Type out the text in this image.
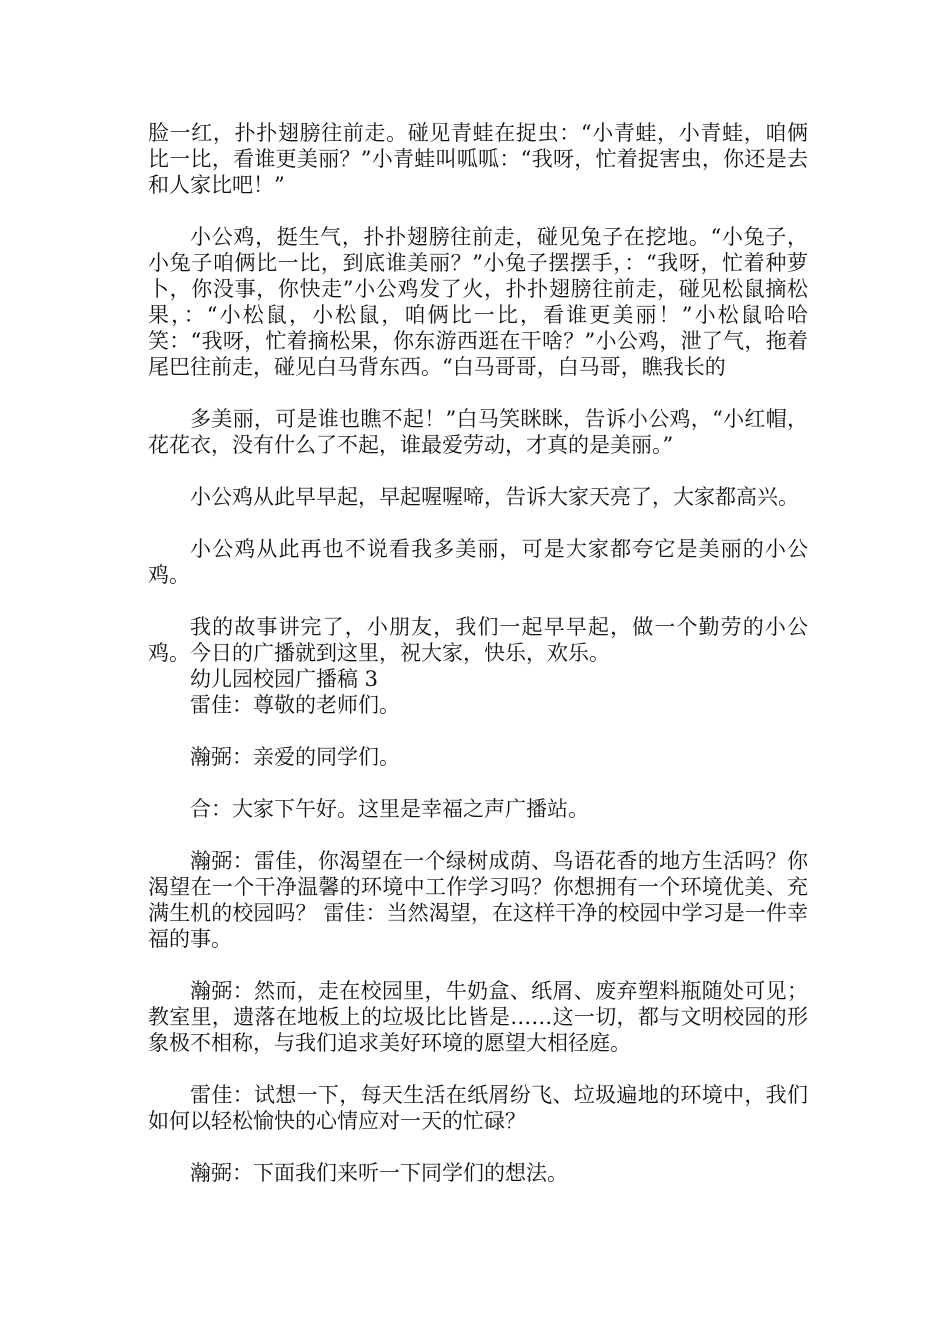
脸一红，扑扑翅膀往前走。碰见青蛙在捉虫：“小青蛙，小青蛙，咱俩比一比，看谁更美丽？”小青蛙叫呱呱：“我呀，忙着捉害虫，你还是去和人家比吧！”

小公鸡，挺生气，扑扑翅膀往前走，碰见兔子在挖地。“小兔子，小兔子咱俩比一比，到底谁美丽？”小兔子摆摆手，：“我呀，忙着种萝卜，你没事，你快走”小公鸡发了火，扑扑翅膀往前走，碰见松鼠摘松果，：“小松鼠，小松鼠，咱俩比一比，看谁更美丽！”小松鼠哈哈笑：“我呀，忙着摘松果，你东游西逛在干啥？”小公鸡，泄了气，拖着尾巴往前走，碰见白马背东西。“白马哥哥，白马哥，瞧我长的

多美丽，可是谁也瞧不起！”白马笑眯眯，告诉小公鸡，“小红帽，花花衣，没有什么了不起，谁最爱劳动，才真的是美丽。”

小公鸡从此早早起，早起喔喔啼，告诉大家天亮了，大家都高兴。

小公鸡从此再也不说看我多美丽，可是大家都夸它是美丽的小公鸡。

我的故事讲完了，小朋友，我们一起早早起，做一个勤劳的小公鸡。今日的广播就到这里，祝大家，快乐，欢乐。

幼儿园校园广播稿 3

雷佳：尊敬的老师们。

瀚弼：亲爱的同学们。

合：大家下午好。这里是幸福之声广播站。

瀚弼：雷佳，你渴望在一个绿树成荫、鸟语花香的地方生活吗？你渴望在一个干净温馨的环境中工作学习吗？你想拥有一个环境优美、充满生机的校园吗？ 雷佳：当然渴望，在这样干净的校园中学习是一件幸福的事。

瀚弼：然而，走在校园里，牛奶盒、纸屑、废弃塑料瓶随处可见；教室里，遗落在地板上的垃圾比比皆是……这一切，都与文明校园的形象极不相称，与我们追求美好环境的愿望大相径庭。

雷佳：试想一下，每天生活在纸屑纷飞、垃圾遍地的环境中，我们如何以轻松愉快的心情应对一天的忙碌？

瀚弼：下面我们来听一下同学们的想法。
